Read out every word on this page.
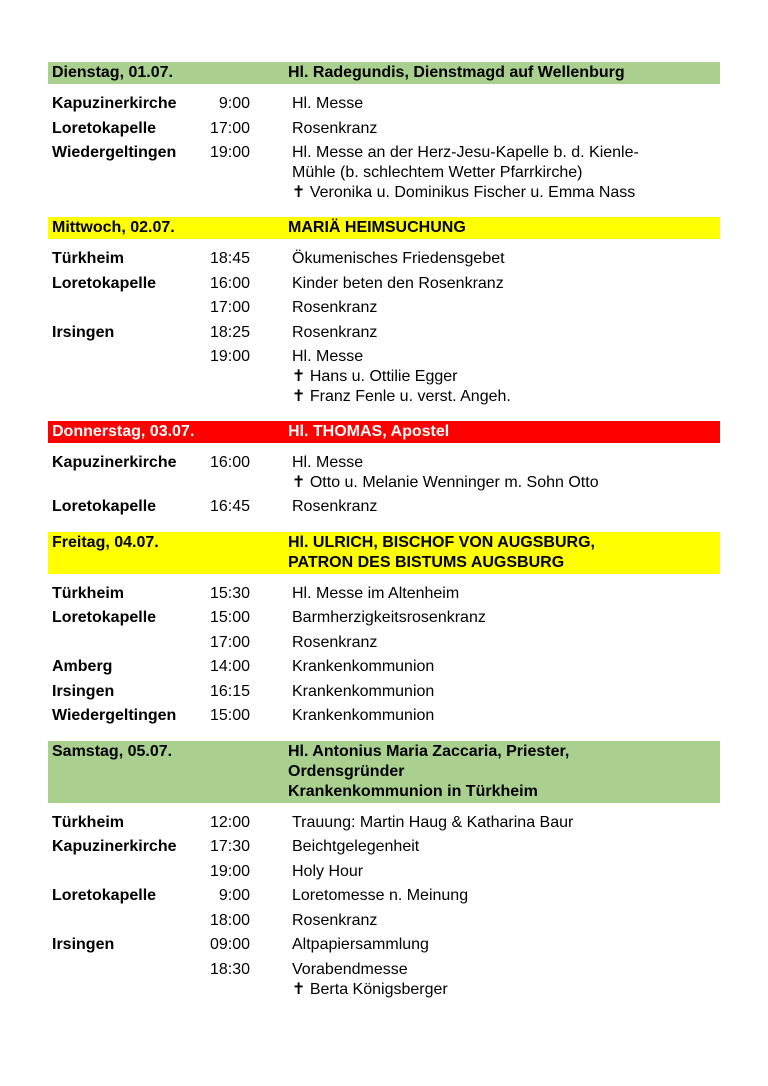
Dienstag, 01.07.	Hl. Radegundis, Dienstmagd auf Wellenburg
Kapuzinerkirche	9:00	Hl. Messe
Loretokapelle	17:00	Rosenkranz
Wiedergeltingen	19:00	Hl. Messe an der Herz-Jesu-Kapelle b. d. Kienle-
Mühle (b. schlechtem Wetter Pfarrkirche)
✝ Veronika u. Dominikus Fischer u. Emma Nass
Mittwoch, 02.07.	MARIÄ HEIMSUCHUNG
Türkheim	18:45	Ökumenisches Friedensgebet
Loretokapelle	16:00	Kinder beten den Rosenkranz
17:00	Rosenkranz
Irsingen	18:25	Rosenkranz
19:00	Hl. Messe
✝ Hans u. Ottilie Egger
✝ Franz Fenle u. verst. Angeh.
Donnerstag, 03.07.	Hl. THOMAS, Apostel
Kapuzinerkirche	16:00	Hl. Messe
✝ Otto u. Melanie Wenninger m. Sohn Otto
Loretokapelle	16:45	Rosenkranz
Freitag, 04.07.	Hl. ULRICH, BISCHOF VON AUGSBURG,
PATRON DES BISTUMS AUGSBURG
Türkheim	15:30	Hl. Messe im Altenheim
Loretokapelle	15:00	Barmherzigkeitsrosenkranz
17:00	Rosenkranz
Amberg	14:00	Krankenkommunion
Irsingen	16:15	Krankenkommunion
Wiedergeltingen	15:00	Krankenkommunion
Samstag, 05.07.	Hl. Antonius Maria Zaccaria, Priester,
Ordensgründer
Krankenkommunion in Türkheim
Türkheim	12:00	Trauung: Martin Haug & Katharina Baur
Kapuzinerkirche	17:30	Beichtgelegenheit
19:00	Holy Hour
Loretokapelle	9:00	Loretomesse n. Meinung
18:00	Rosenkranz
Irsingen	09:00	Altpapiersammlung
18:30	Vorabendmesse
✝ Berta Königsberger
